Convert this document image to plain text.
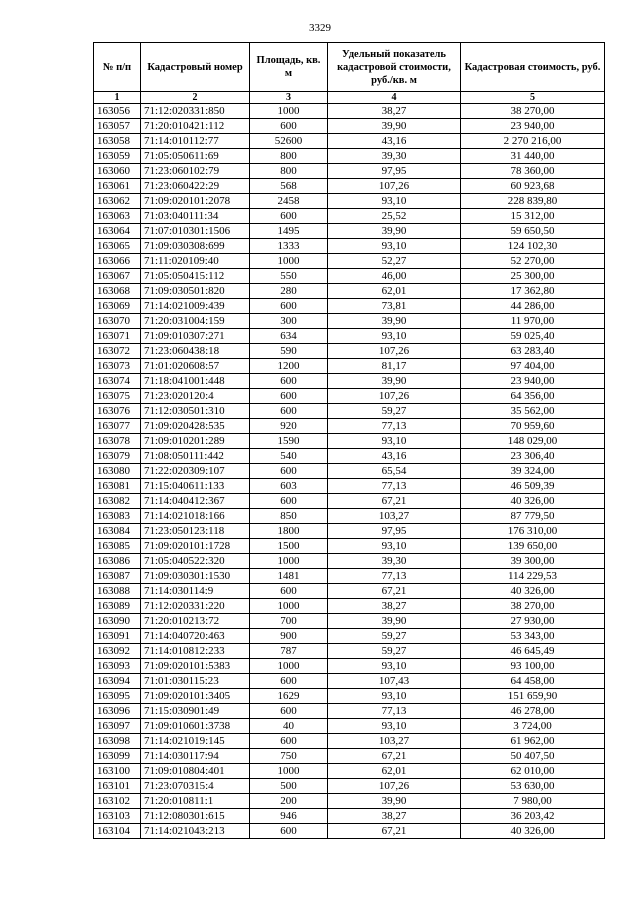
3329
№ п/п	Кадастровый номер	Площадь, кв. м	Удельный показатель кадастровой стоимости, руб./кв. м	Кадастровая стоимость, руб.
1	2	3	4	5
163056	71:12:020331:850	1000	38,27	38 270,00
163057	71:20:010421:112	600	39,90	23 940,00
163058	71:14:010112:77	52600	43,16	2 270 216,00
163059	71:05:050611:69	800	39,30	31 440,00
163060	71:23:060102:79	800	97,95	78 360,00
163061	71:23:060422:29	568	107,26	60 923,68
163062	71:09:020101:2078	2458	93,10	228 839,80
163063	71:03:040111:34	600	25,52	15 312,00
163064	71:07:010301:1506	1495	39,90	59 650,50
163065	71:09:030308:699	1333	93,10	124 102,30
163066	71:11:020109:40	1000	52,27	52 270,00
163067	71:05:050415:112	550	46,00	25 300,00
163068	71:09:030501:820	280	62,01	17 362,80
163069	71:14:021009:439	600	73,81	44 286,00
163070	71:20:031004:159	300	39,90	11 970,00
163071	71:09:010307:271	634	93,10	59 025,40
163072	71:23:060438:18	590	107,26	63 283,40
163073	71:01:020608:57	1200	81,17	97 404,00
163074	71:18:041001:448	600	39,90	23 940,00
163075	71:23:020120:4	600	107,26	64 356,00
163076	71:12:030501:310	600	59,27	35 562,00
163077	71:09:020428:535	920	77,13	70 959,60
163078	71:09:010201:289	1590	93,10	148 029,00
163079	71:08:050111:442	540	43,16	23 306,40
163080	71:22:020309:107	600	65,54	39 324,00
163081	71:15:040611:133	603	77,13	46 509,39
163082	71:14:040412:367	600	67,21	40 326,00
163083	71:14:021018:166	850	103,27	87 779,50
163084	71:23:050123:118	1800	97,95	176 310,00
163085	71:09:020101:1728	1500	93,10	139 650,00
163086	71:05:040522:320	1000	39,30	39 300,00
163087	71:09:030301:1530	1481	77,13	114 229,53
163088	71:14:030114:9	600	67,21	40 326,00
163089	71:12:020331:220	1000	38,27	38 270,00
163090	71:20:010213:72	700	39,90	27 930,00
163091	71:14:040720:463	900	59,27	53 343,00
163092	71:14:010812:233	787	59,27	46 645,49
163093	71:09:020101:5383	1000	93,10	93 100,00
163094	71:01:030115:23	600	107,43	64 458,00
163095	71:09:020101:3405	1629	93,10	151 659,90
163096	71:15:030901:49	600	77,13	46 278,00
163097	71:09:010601:3738	40	93,10	3 724,00
163098	71:14:021019:145	600	103,27	61 962,00
163099	71:14:030117:94	750	67,21	50 407,50
163100	71:09:010804:401	1000	62,01	62 010,00
163101	71:23:070315:4	500	107,26	53 630,00
163102	71:20:010811:1	200	39,90	7 980,00
163103	71:12:080301:615	946	38,27	36 203,42
163104	71:14:021043:213	600	67,21	40 326,00
